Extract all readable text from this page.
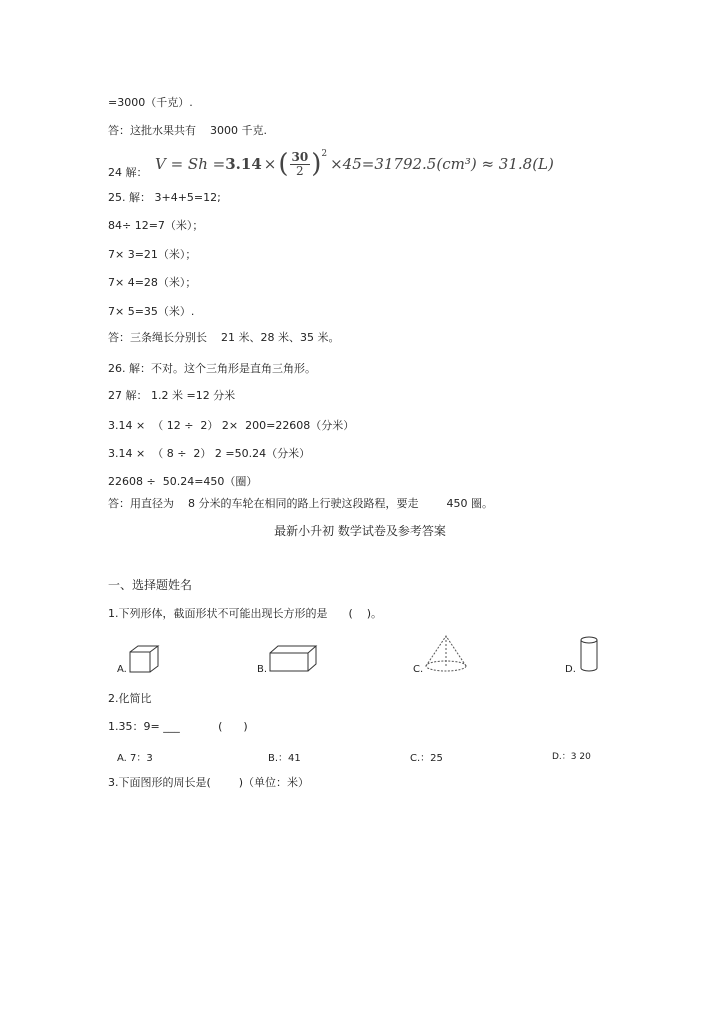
=3000（千克）.
答：这批水果共有    3000 千克.
24 解： V = Sh = 3.14 × ( $\frac{30}{2} )^2$
×45=31792.5(cm³) ≈ 31.8(L)
25. 解： 3+4+5=12;
84÷ 12=7（米）；
7× 3=21（米）；
7× 4=28（米）；
7× 5=35（米）.
答：三条绳长分别长    21 米、28 米、35 米。
26. 解：不对。这个三角形是直角三角形。
27 解： 1.2 米 =12 分米
3.14 ×  （ 12 ÷  2） 2×  200=22608（分米）
3.14 ×  （ 8 ÷  2） 2 =50.24（分米）
22608 ÷  50.24=450（圈）
答：用直径为    8 分米的车轮在相同的路上行驶这段路程，要走        450 圈。
最新小升初 数学试卷及参考答案
一、选择题姓名
1.下列形体，截面形状不可能出现长方形的是      (    )。
A.	B.	C.	D.
2.化简比
1.35：9= ___           (      )
A. 7：3	B.：41	C.：25	D.：3 20
3.下面图形的周长是(        )（单位：米）
